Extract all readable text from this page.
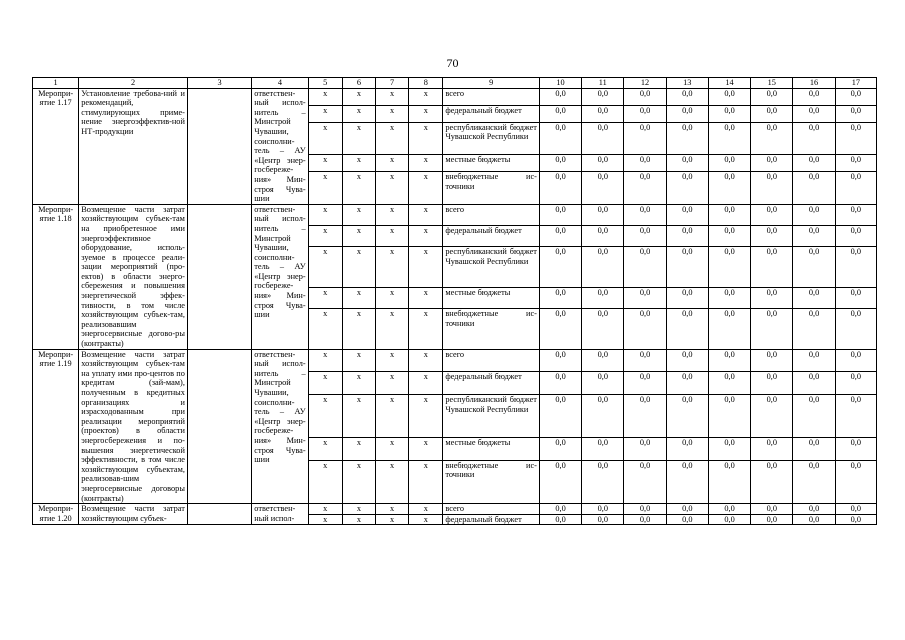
70
1	2	3	4	5	6	7	8	9	10	11	12	13	14	15	16	17
Меропри-ятие 1.17	Установление требова-ний и рекомендаций, стимулирующих приме-нение энергоэффектив-ной НТ-продукции		ответствен-ный испол-нитель – Минстрой Чувашии, соисполни-тель – АУ «Центр энер-госбереже-ния» Мин-строя Чува-шии	x	x	x	x	всего	0,0	0,0	0,0	0,0	0,0	0,0	0,0	0,0
				x	x	x	x	федеральный бюджет	0,0	0,0	0,0	0,0	0,0	0,0	0,0	0,0
				x	x	x	x	республиканский бюджет Чувашской Республики	0,0	0,0	0,0	0,0	0,0	0,0	0,0	0,0
				x	x	x	x	местные бюджеты	0,0	0,0	0,0	0,0	0,0	0,0	0,0	0,0
				x	x	x	x	внебюджетные ис-точники	0,0	0,0	0,0	0,0	0,0	0,0	0,0	0,0
Меропри-ятие 1.18	Возмещение части затрат хозяйствующим субъек-там на приобретенное ими энергоэффективное оборудование, исполь-зуемое в процессе реали-зации мероприятий (про-ектов) в области энерго-сбережения и повышения энергетической эффек-тивности, в том числе хозяйствующим субъек-там, реализовавшим энергосервисные догово-ры (контракты)		ответствен-ный испол-нитель – Минстрой Чувашии, соисполни-тель – АУ «Центр энер-госбереже-ния» Мин-строя Чува-шии	x	x	x	x	всего	0,0	0,0	0,0	0,0	0,0	0,0	0,0	0,0
				x	x	x	x	федеральный бюджет	0,0	0,0	0,0	0,0	0,0	0,0	0,0	0,0
				x	x	x	x	республиканский бюджет Чувашской Республики	0,0	0,0	0,0	0,0	0,0	0,0	0,0	0,0
				x	x	x	x	местные бюджеты	0,0	0,0	0,0	0,0	0,0	0,0	0,0	0,0
				x	x	x	x	внебюджетные ис-точники	0,0	0,0	0,0	0,0	0,0	0,0	0,0	0,0
Меропри-ятие 1.19	Возмещение части затрат хозяйствующим субъек-там на уплату ими про-центов по кредитам (зай-мам), полученным в кредитных организациях и израсходованным при реализации мероприятий (проектов) в области энергосбережения и по-вышения энергетической эффективности, в том числе хозяйствующим субъектам, реализовав-шим энергосервисные договоры (контракты)		ответствен-ный испол-нитель – Минстрой Чувашии, соисполни-тель – АУ «Центр энер-госбереже-ния» Мин-строя Чува-шии	x	x	x	x	всего	0,0	0,0	0,0	0,0	0,0	0,0	0,0	0,0
				x	x	x	x	федеральный бюджет	0,0	0,0	0,0	0,0	0,0	0,0	0,0	0,0
				x	x	x	x	республиканский бюджет Чувашской Республики	0,0	0,0	0,0	0,0	0,0	0,0	0,0	0,0
				x	x	x	x	местные бюджеты	0,0	0,0	0,0	0,0	0,0	0,0	0,0	0,0
				x	x	x	x	внебюджетные ис-точники	0,0	0,0	0,0	0,0	0,0	0,0	0,0	0,0
Меропри-ятие 1.20	Возмещение части затрат хозяйствующим субъек-		ответствен-ный испол-	x	x	x	x	всего	0,0	0,0	0,0	0,0	0,0	0,0	0,0	0,0
				x	x	x	x	федеральный бюджет	0,0	0,0	0,0	0,0	0,0	0,0	0,0	0,0
